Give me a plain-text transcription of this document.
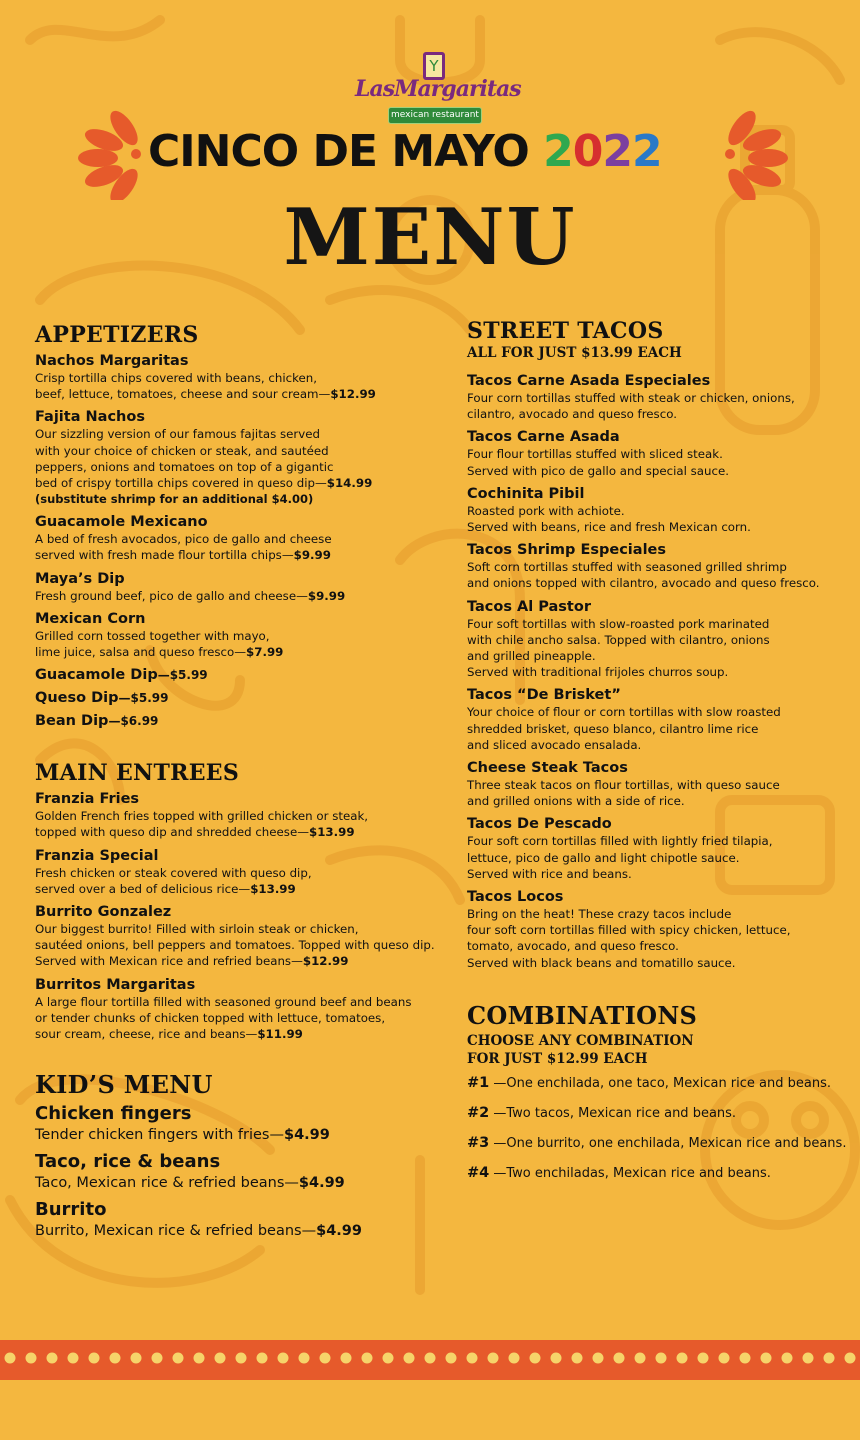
Y
LasMargaritas
mexican restaurant
CINCO DE MAYO 2022
MENU
APPETIZERS
Nachos Margaritas
Crisp tortilla chips covered with beans, chicken,
beef, lettuce, tomatoes, cheese and sour cream—$12.99
Fajita Nachos
Our sizzling version of our famous fajitas served
with your choice of chicken or steak, and sautéed
peppers, onions and tomatoes on top of a gigantic
bed of crispy tortilla chips covered in queso dip—$14.99
(substitute shrimp for an additional $4.00)
Guacamole Mexicano
A bed of fresh avocados, pico de gallo and cheese
served with fresh made flour tortilla chips—$9.99
Maya’s Dip
Fresh ground beef, pico de gallo and cheese—$9.99
Mexican Corn
Grilled corn tossed together with mayo,
lime juice, salsa and queso fresco—$7.99
Guacamole Dip—$5.99
Queso Dip—$5.99
Bean Dip—$6.99
MAIN ENTREES
Franzia Fries
Golden French fries topped with grilled chicken or steak,
topped with queso dip and shredded cheese—$13.99
Franzia Special
Fresh chicken or steak covered with queso dip,
served over a bed of delicious rice—$13.99
Burrito Gonzalez
Our biggest burrito! Filled with sirloin steak or chicken,
sautéed onions, bell peppers and tomatoes. Topped with queso dip.
Served with Mexican rice and refried beans—$12.99
Burritos Margaritas
A large flour tortilla filled with seasoned ground beef and beans
or tender chunks of chicken topped with lettuce, tomatoes,
sour cream, cheese, rice and beans—$11.99
KID’S MENU
Chicken fingers
Tender chicken fingers with fries—$4.99
Taco, rice & beans
Taco, Mexican rice & refried beans—$4.99
Burrito
Burrito, Mexican rice & refried beans—$4.99
STREET TACOS
ALL FOR JUST $13.99 EACH
Tacos Carne Asada Especiales
Four corn tortillas stuffed with steak or chicken, onions,
cilantro, avocado and queso fresco.
Tacos Carne Asada
Four flour tortillas stuffed with sliced steak.
Served with pico de gallo and special sauce.
Cochinita Pibil
Roasted pork with achiote.
Served with beans, rice and fresh Mexican corn.
Tacos Shrimp Especiales
Soft corn tortillas stuffed with seasoned grilled shrimp
and onions topped with cilantro, avocado and queso fresco.
Tacos Al Pastor
Four soft tortillas with slow-roasted pork marinated
with chile ancho salsa. Topped with cilantro, onions
and grilled pineapple.
Served with traditional frijoles churros soup.
Tacos “De Brisket”
Your choice of flour or corn tortillas with slow roasted
shredded brisket, queso blanco, cilantro lime rice
and sliced avocado ensalada.
Cheese Steak Tacos
Three steak tacos on flour tortillas, with queso sauce
and grilled onions with a side of rice.
Tacos De Pescado
Four soft corn tortillas filled with lightly fried tilapia,
lettuce, pico de gallo and light chipotle sauce.
Served with rice and beans.
Tacos Locos
Bring on the heat! These crazy tacos include
four soft corn tortillas filled with spicy chicken, lettuce,
tomato, avocado, and queso fresco.
Served with black beans and tomatillo sauce.
COMBINATIONS
CHOOSE ANY COMBINATION
FOR JUST $12.99 EACH
#1 —One enchilada, one taco, Mexican rice and beans.
#2 —Two tacos, Mexican rice and beans.
#3 —One burrito, one enchilada, Mexican rice and beans.
#4 —Two enchiladas, Mexican rice and beans.
